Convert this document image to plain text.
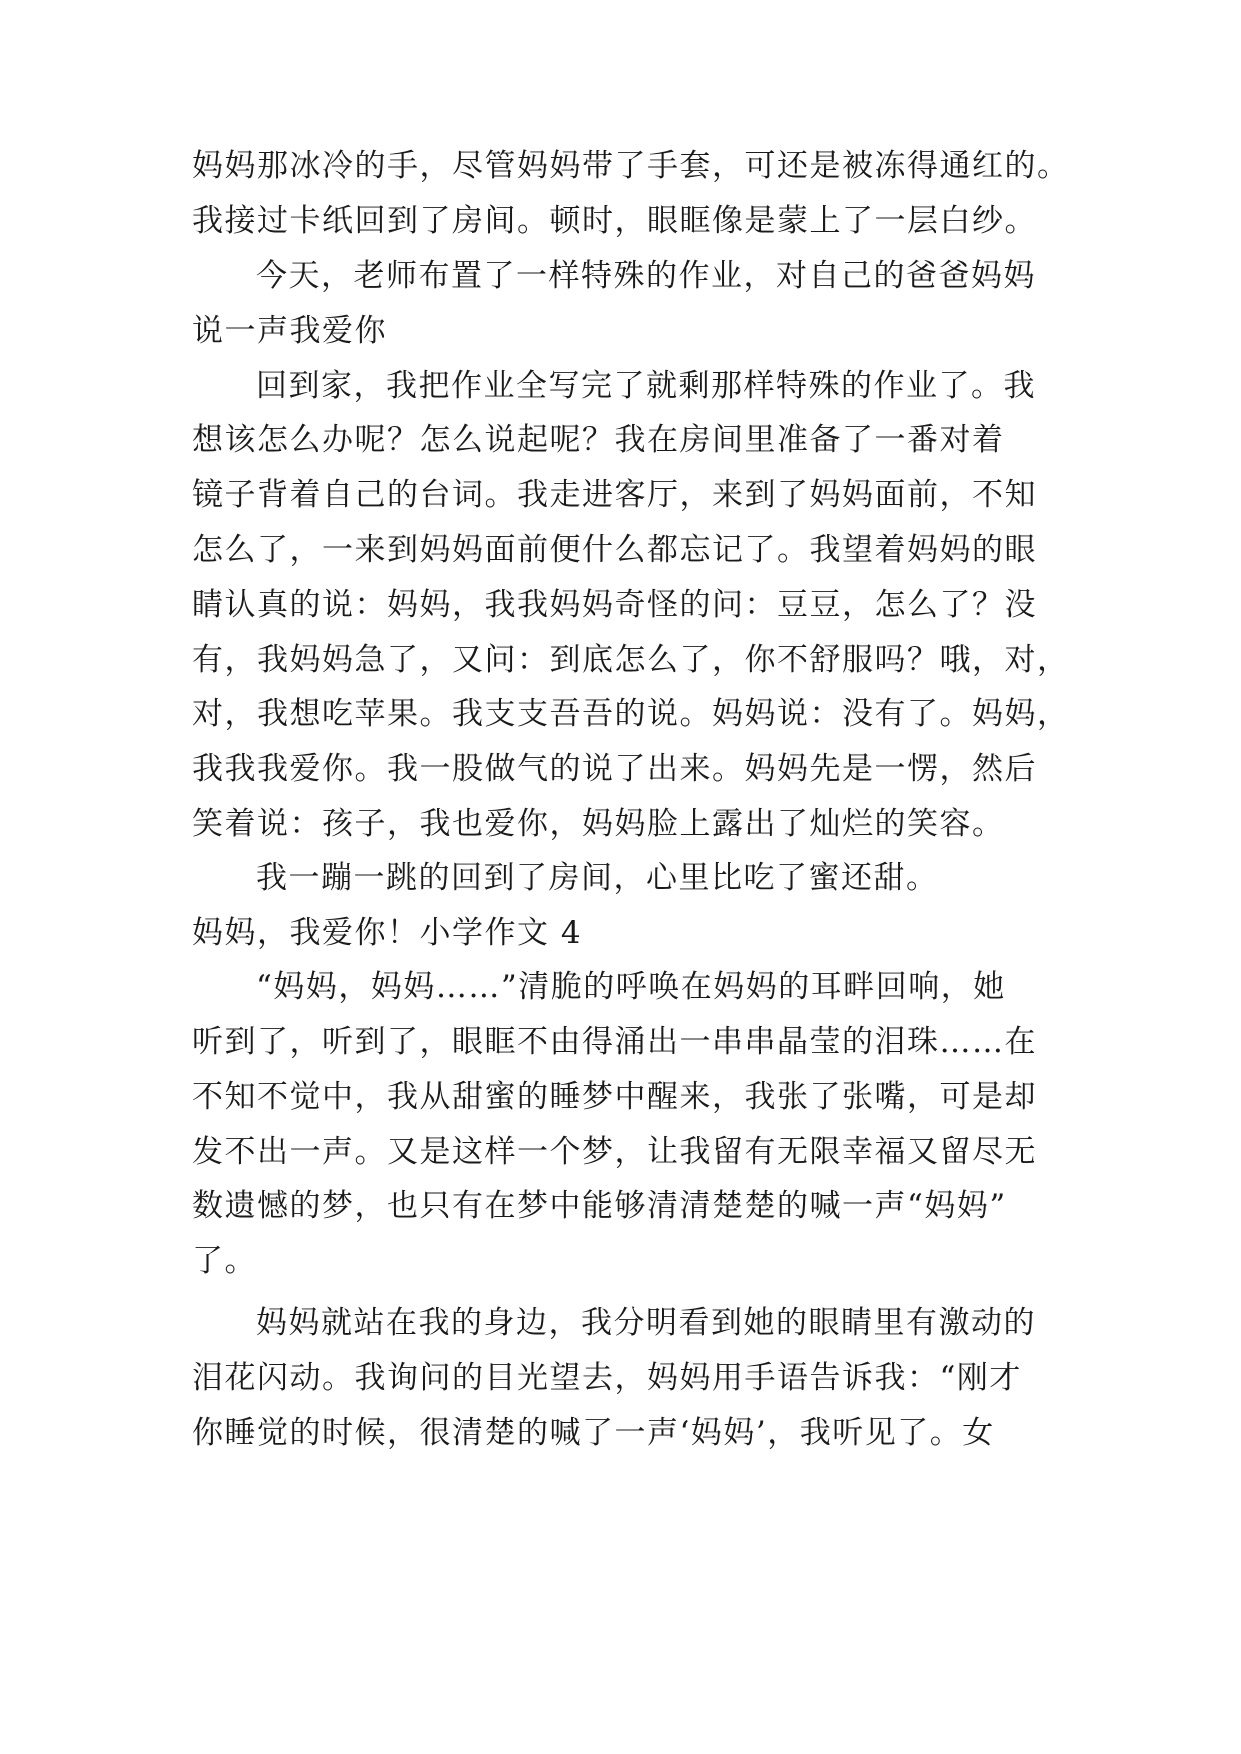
妈妈那冰冷的手，尽管妈妈带了手套，可还是被冻得通红的。
我接过卡纸回到了房间。顿时，眼眶像是蒙上了一层白纱。
今天，老师布置了一样特殊的作业，对自己的爸爸妈妈
说一声我爱你
回到家，我把作业全写完了就剩那样特殊的作业了。我
想该怎么办呢？怎么说起呢？我在房间里准备了一番对着
镜子背着自己的台词。我走进客厅，来到了妈妈面前，不知
怎么了，一来到妈妈面前便什么都忘记了。我望着妈妈的眼
睛认真的说：妈妈，我我妈妈奇怪的问：豆豆，怎么了？没
有，我妈妈急了，又问：到底怎么了，你不舒服吗？哦，对，
对，我想吃苹果。我支支吾吾的说。妈妈说：没有了。妈妈，
我我我爱你。我一股做气的说了出来。妈妈先是一愣，然后
笑着说：孩子，我也爱你，妈妈脸上露出了灿烂的笑容。
我一蹦一跳的回到了房间，心里比吃了蜜还甜。
妈妈，我爱你！小学作文 4
“妈妈，妈妈……”清脆的呼唤在妈妈的耳畔回响，她
听到了，听到了，眼眶不由得涌出一串串晶莹的泪珠……在
不知不觉中，我从甜蜜的睡梦中醒来，我张了张嘴，可是却
发不出一声。又是这样一个梦，让我留有无限幸福又留尽无
数遗憾的梦，也只有在梦中能够清清楚楚的喊一声“妈妈”
了。
妈妈就站在我的身边，我分明看到她的眼睛里有激动的
泪花闪动。我询问的目光望去，妈妈用手语告诉我：“刚才
你睡觉的时候，很清楚的喊了一声‘妈妈’，我听见了。女
